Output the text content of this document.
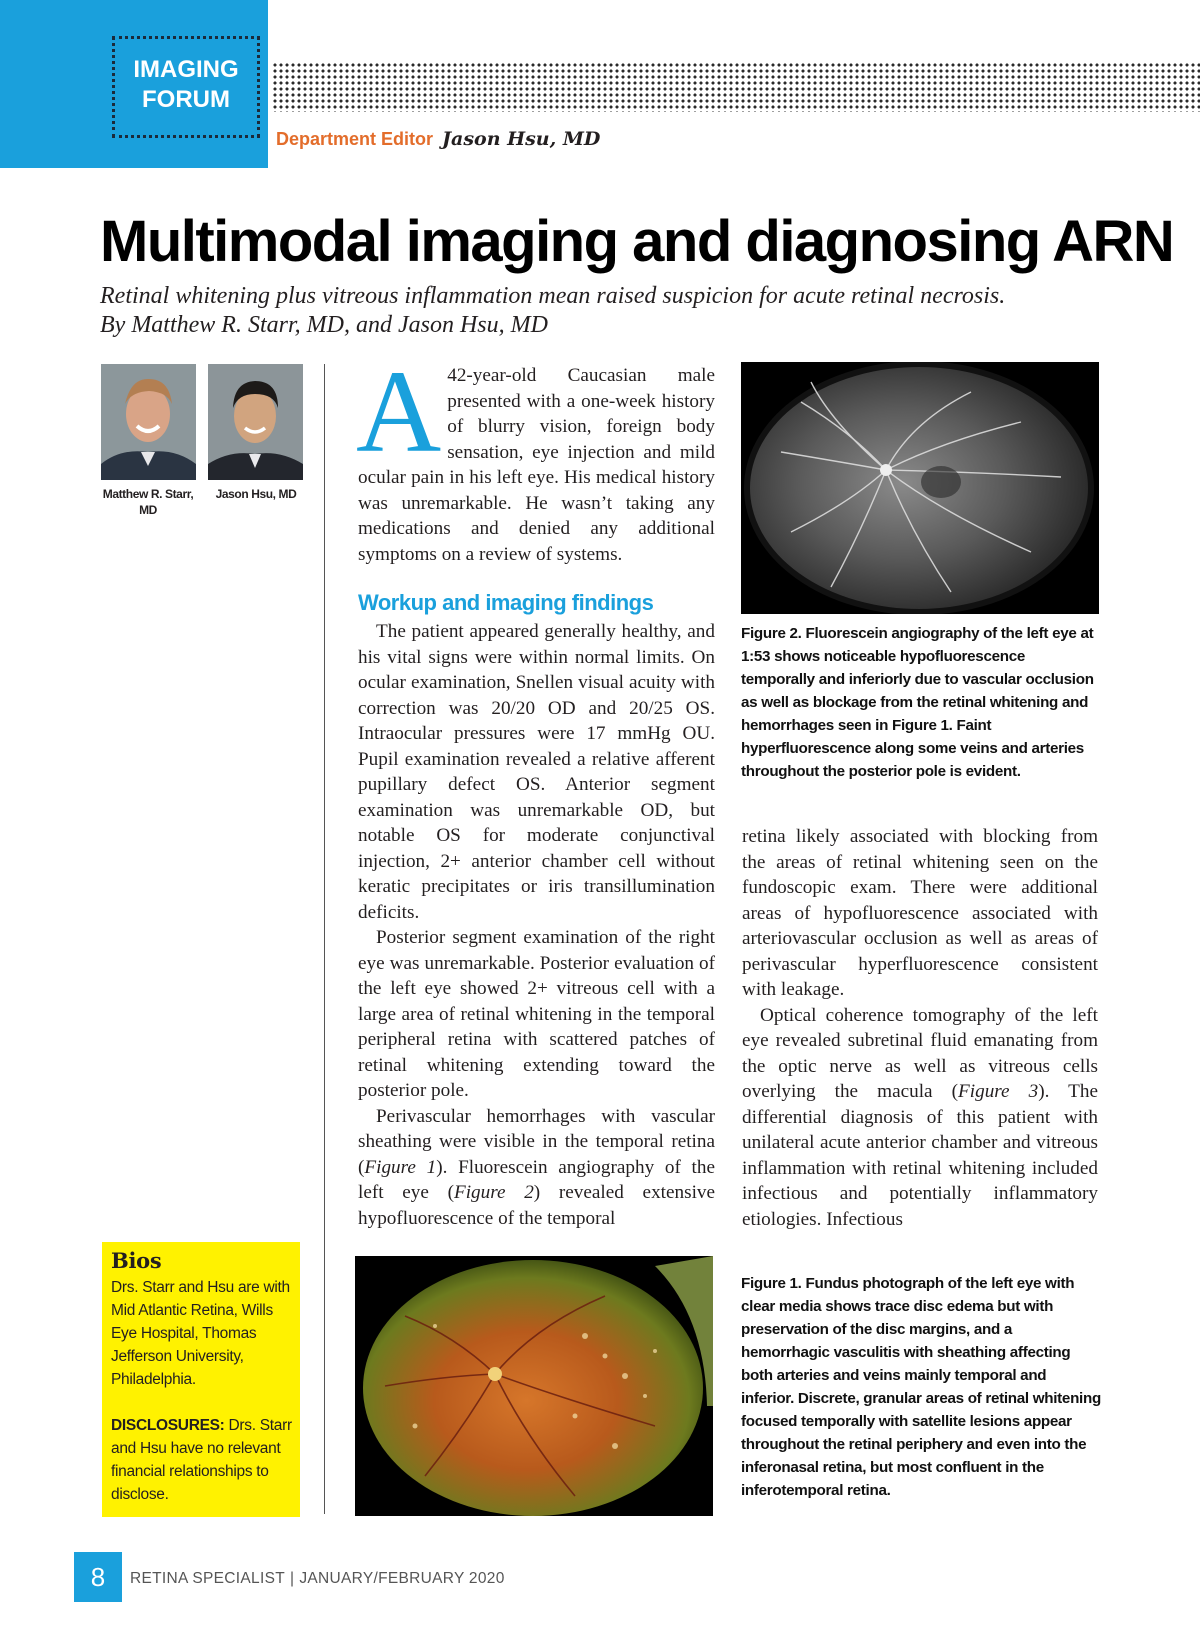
IMAGING
FORUM
Department Editor Jason Hsu, MD
Multimodal imaging and diagnosing ARN
Retinal whitening plus vitreous inflammation mean raised suspicion for acute retinal necrosis.
By Matthew R. Starr, MD, and Jason Hsu, MD
Matthew R. Starr, MD
Jason Hsu, MD

A 42-year-old Caucasian male presented with a one-week history of blurry vision, foreign body sensation, eye injection and mild ocular pain in his left eye. His medical history was unremarkable. He wasn’t taking any medications and denied any additional symptoms on a review of systems.

Workup and imaging findings

The patient appeared generally healthy, and his vital signs were within normal limits. On ocular examination, Snellen visual acuity with correction was 20/20 OD and 20/25 OS. Intraocular pressures were 17 mmHg OU. Pupil examination revealed a relative afferent pupillary defect OS. Anterior segment examination was unremarkable OD, but notable OS for moderate conjunctival injection, 2+ anterior chamber cell without keratic precipitates or iris transillumination deficits.

Posterior segment examination of the right eye was unremarkable. Posterior evaluation of the left eye showed 2+ vitreous cell with a large area of retinal whitening in the temporal peripheral retina with scattered patches of retinal whitening extending toward the posterior pole.

Perivascular hemorrhages with vascular sheathing were visible in the temporal retina (Figure 1). Fluorescein angiography of the left eye (Figure 2) revealed extensive hypofluorescence of the temporal

Figure 2. Fluorescein angiography of the left eye at 1:53 shows noticeable hypofluorescence temporally and inferiorly due to vascular occlusion as well as blockage from the retinal whitening and hemorrhages seen in Figure 1. Faint hyperfluorescence along some veins and arteries throughout the posterior pole is evident.

retina likely associated with blocking from the areas of retinal whitening seen on the fundoscopic exam. There were additional areas of hypofluorescence associated with arteriovascular occlusion as well as areas of perivascular hyperfluorescence consistent with leakage.

Optical coherence tomography of the left eye revealed subretinal fluid emanating from the optic nerve as well as vitreous cells overlying the macula (Figure 3). The differential diagnosis of this patient with unilateral acute anterior chamber and vitreous inflammation with retinal whitening included infectious and potentially inflammatory etiologies. Infectious

Figure 1. Fundus photograph of the left eye with clear media shows trace disc edema but with preservation of the disc margins, and a hemorrhagic vasculitis with sheathing affecting both arteries and veins mainly temporal and inferior. Discrete, granular areas of retinal whitening focused temporally with satellite lesions appear throughout the retinal periphery and even into the inferonasal retina, but most confluent in the inferotemporal retina.
Bios
Drs. Starr and Hsu are with Mid Atlantic Retina, Wills Eye Hospital, Thomas Jefferson University, Philadelphia.
DISCLOSURES: Drs. Starr and Hsu have no relevant financial relationships to disclose.
8	RETINA SPECIALIST | JANUARY/FEBRUARY 2020
